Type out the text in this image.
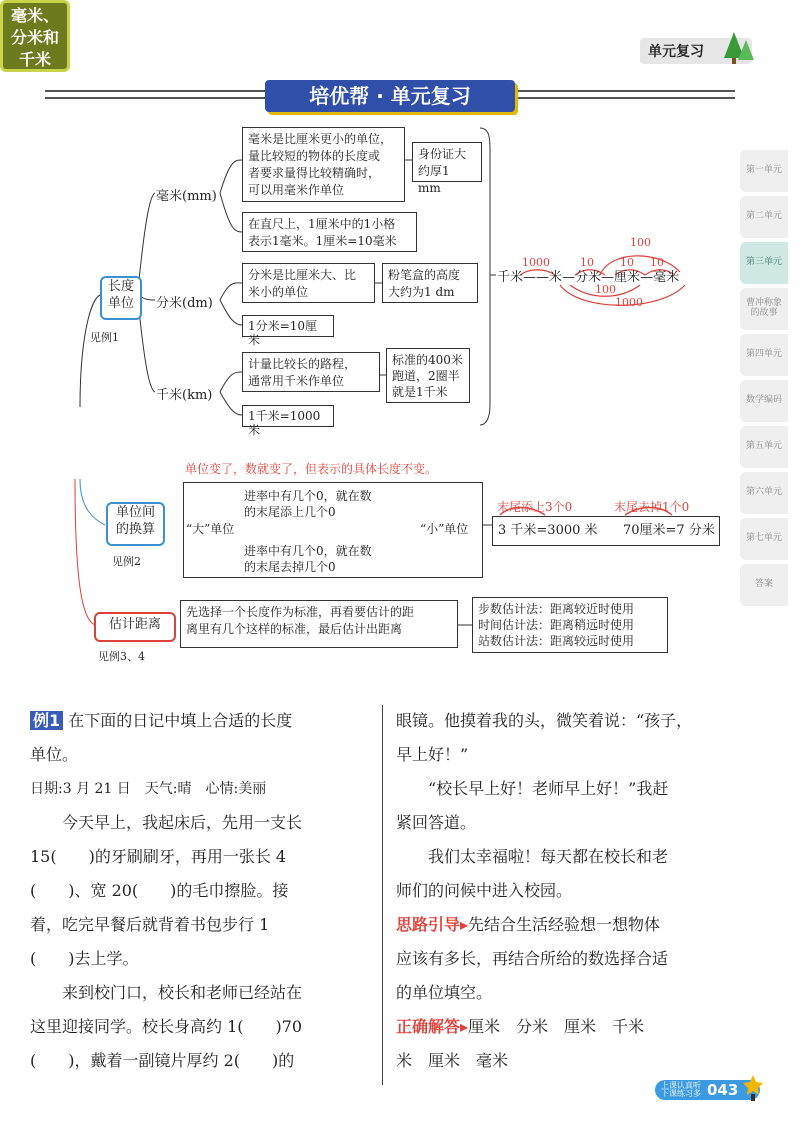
单元复习
培优帮 · 单元复习
第一单元
第二单元
第三单元
曹冲称象的故事
第四单元
数学编码
第五单元
第六单元
第七单元
答案
毫米、
分米和
千米
长度
单位
见例1
毫米(mm)
毫米是比厘米更小的单位，
量比较短的物体的长度或
者要求量得比较精确时，
可以用毫米作单位
身份证大
约厚1 mm
在直尺上，1厘米中的1小格
表示1毫米。1厘米=10毫米
分米(dm)
分米是比厘米大、比
米小的单位
粉笔盒的高度
大约为1 dm
1分米=10厘米
千米(km)
计量比较长的路程，
通常用千米作单位
标准的400米
跑道，2圈半
就是1千米
1千米=1000米
千米——米—分米—厘米—毫米
1000	10 10 10
100
100
1000
单位变了，数就变了，但表示的具体长度不变。
单位间
的换算
见例2
进率中有几个0，就在数
的末尾添上几个0
“大”单位	“小”单位
进率中有几个0，就在数
的末尾去掉几个0
末尾添上3个0	末尾去掉1个0
3 千米=3000 米 70厘米=7 分米
估计距离
见例3、4
先选择一个长度作为标准，再看要估计的距
离里有几个这样的标准，最后估计出距离
步数估计法：距离较近时使用
时间估计法：距离稍远时使用
站数估计法：距离较远时使用
例1 在下面的日记中填上合适的长度
单位。
日期:3 月 21 日　天气:晴　心情:美丽
　　今天早上，我起床后，先用一支长
15(　　)的牙刷刷牙，再用一张长 4
(　　)、宽 20(　　)的毛巾擦脸。接
着，吃完早餐后就背着书包步行 1
(　　)去上学。
　　来到校门口，校长和老师已经站在
这里迎接同学。校长身高约 1(　　)70
(　　)，戴着一副镜片厚约 2(　　)的
眼镜。他摸着我的头，微笑着说：“孩子，
早上好！”
　　“校长早上好！老师早上好！”我赶
紧回答道。
　　我们太幸福啦！每天都在校长和老
师们的问候中进入校园。
思路引导▸先结合生活经验想一想物体
应该有多长，再结合所给的数选择合适
的单位填空。
正确解答▸厘米　分米　厘米　千米
米　厘米　毫米
上课认真听
下课练习多 043
